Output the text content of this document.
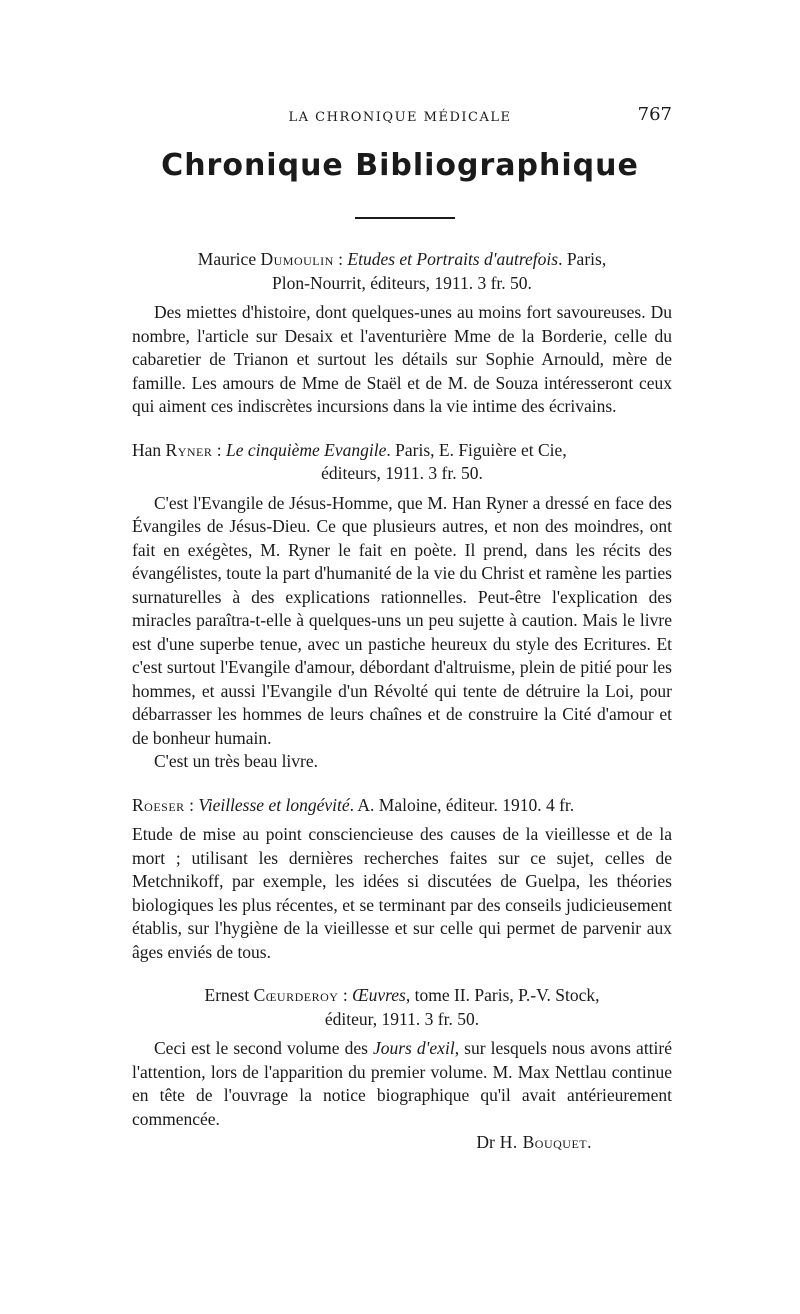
LA CHRONIQUE MÉDICALE	767
Chronique Bibliographique
Maurice Dumoulin : Etudes et Portraits d'autrefois. Paris,
Plon-Nourrit, éditeurs, 1911. 3 fr. 50.

Des miettes d'histoire, dont quelques-unes au moins fort savoureuses. Du nombre, l'article sur Desaix et l'aventurière Mme de la Borderie, celle du cabaretier de Trianon et surtout les détails sur Sophie Arnould, mère de famille. Les amours de Mme de Staël et de M. de Souza intéresseront ceux qui aiment ces indiscrètes incursions dans la vie intime des écrivains.

Han Ryner : Le cinquième Evangile. Paris, E. Figuière et Cie,
éditeurs, 1911. 3 fr. 50.

C'est l'Evangile de Jésus-Homme, que M. Han Ryner a dressé en face des Évangiles de Jésus-Dieu. Ce que plusieurs autres, et non des moindres, ont fait en exégètes, M. Ryner le fait en poète. Il prend, dans les récits des évangélistes, toute la part d'humanité de la vie du Christ et ramène les parties surnaturelles à des explications rationnelles. Peut-être l'explication des miracles paraîtra-t-elle à quelques-uns un peu sujette à caution. Mais le livre est d'une superbe tenue, avec un pastiche heureux du style des Ecritures. Et c'est surtout l'Evangile d'amour, débordant d'altruisme, plein de pitié pour les hommes, et aussi l'Evangile d'un Révolté qui tente de détruire la Loi, pour débarrasser les hommes de leurs chaînes et de construire la Cité d'amour et de bonheur humain.

C'est un très beau livre.

Roeser : Vieillesse et longévité. A. Maloine, éditeur. 1910. 4 fr.

Etude de mise au point consciencieuse des causes de la vieillesse et de la mort ; utilisant les dernières recherches faites sur ce sujet, celles de Metchnikoff, par exemple, les idées si discutées de Guelpa, les théories biologiques les plus récentes, et se terminant par des conseils judicieusement établis, sur l'hygiène de la vieillesse et sur celle qui permet de parvenir aux âges enviés de tous.

Ernest Cœurderoy : Œuvres, tome II. Paris, P.-V. Stock,
éditeur, 1911. 3 fr. 50.

Ceci est le second volume des Jours d'exil, sur lesquels nous avons attiré l'attention, lors de l'apparition du premier volume. M. Max Nettlau continue en tête de l'ouvrage la notice biographique qu'il avait antérieurement commencée.

Dr H. Bouquet.
